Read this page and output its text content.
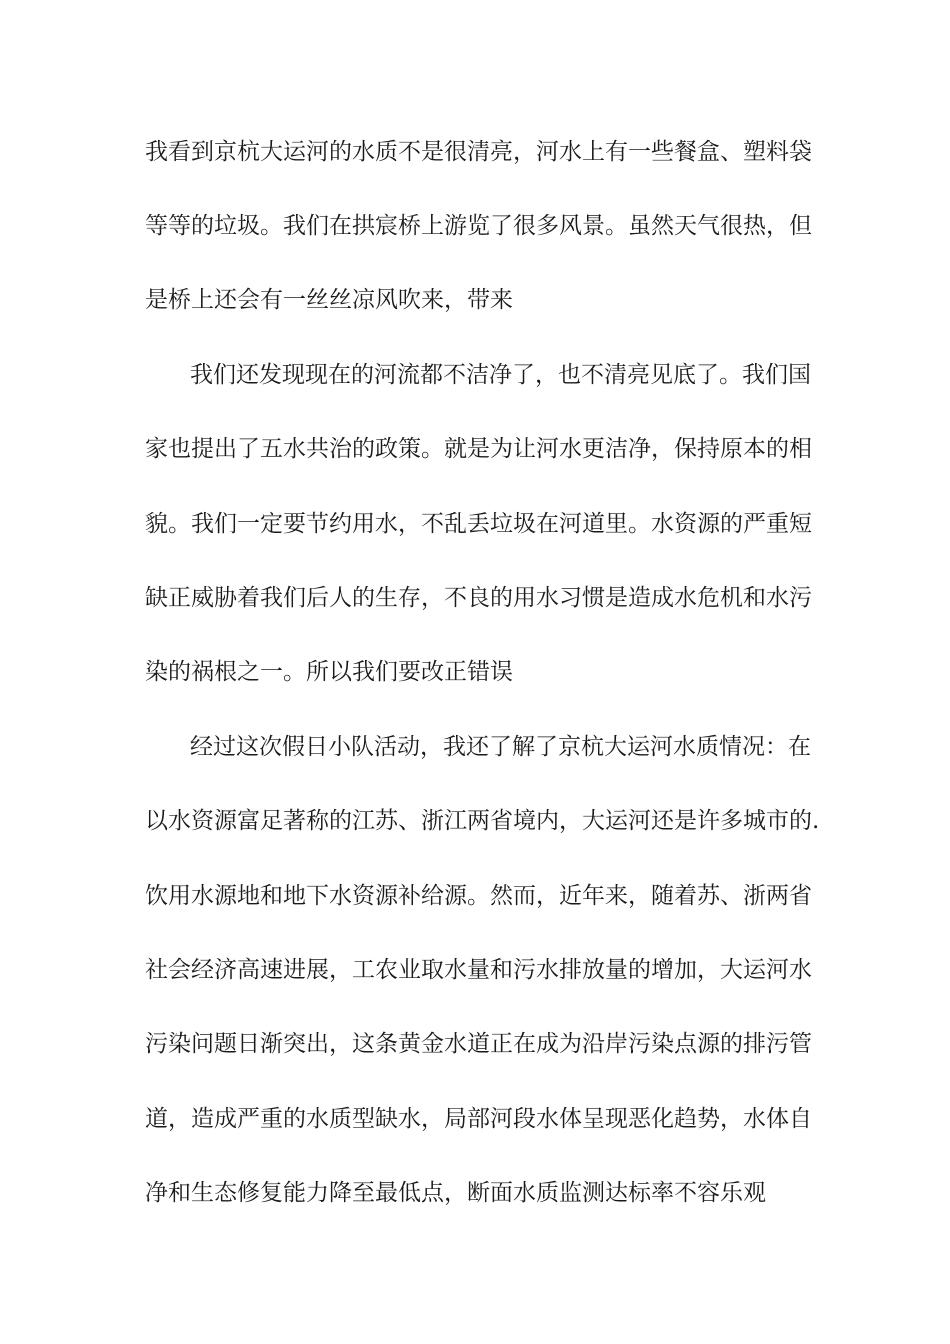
我看到京杭大运河的水质不是很清亮，河水上有一些餐盒、塑料袋
等等的垃圾。我们在拱宸桥上游览了很多风景。虽然天气很热，但
是桥上还会有一丝丝凉风吹来，带来
我们还发现现在的河流都不洁净了，也不清亮见底了。我们国
家也提出了五水共治的政策。就是为让河水更洁净，保持原本的相
貌。我们一定要节约用水，不乱丢垃圾在河道里。水资源的严重短
缺正威胁着我们后人的生存，不良的用水习惯是造成水危机和水污
染的祸根之一。所以我们要改正错误
经过这次假日小队活动，我还了解了京杭大运河水质情况：在
以水资源富足著称的江苏、浙江两省境内，大运河还是许多城市的.
饮用水源地和地下水资源补给源。然而，近年来，随着苏、浙两省
社会经济高速进展，工农业取水量和污水排放量的增加，大运河水
污染问题日渐突出，这条黄金水道正在成为沿岸污染点源的排污管
道，造成严重的水质型缺水，局部河段水体呈现恶化趋势，水体自
净和生态修复能力降至最低点，断面水质监测达标率不容乐观
